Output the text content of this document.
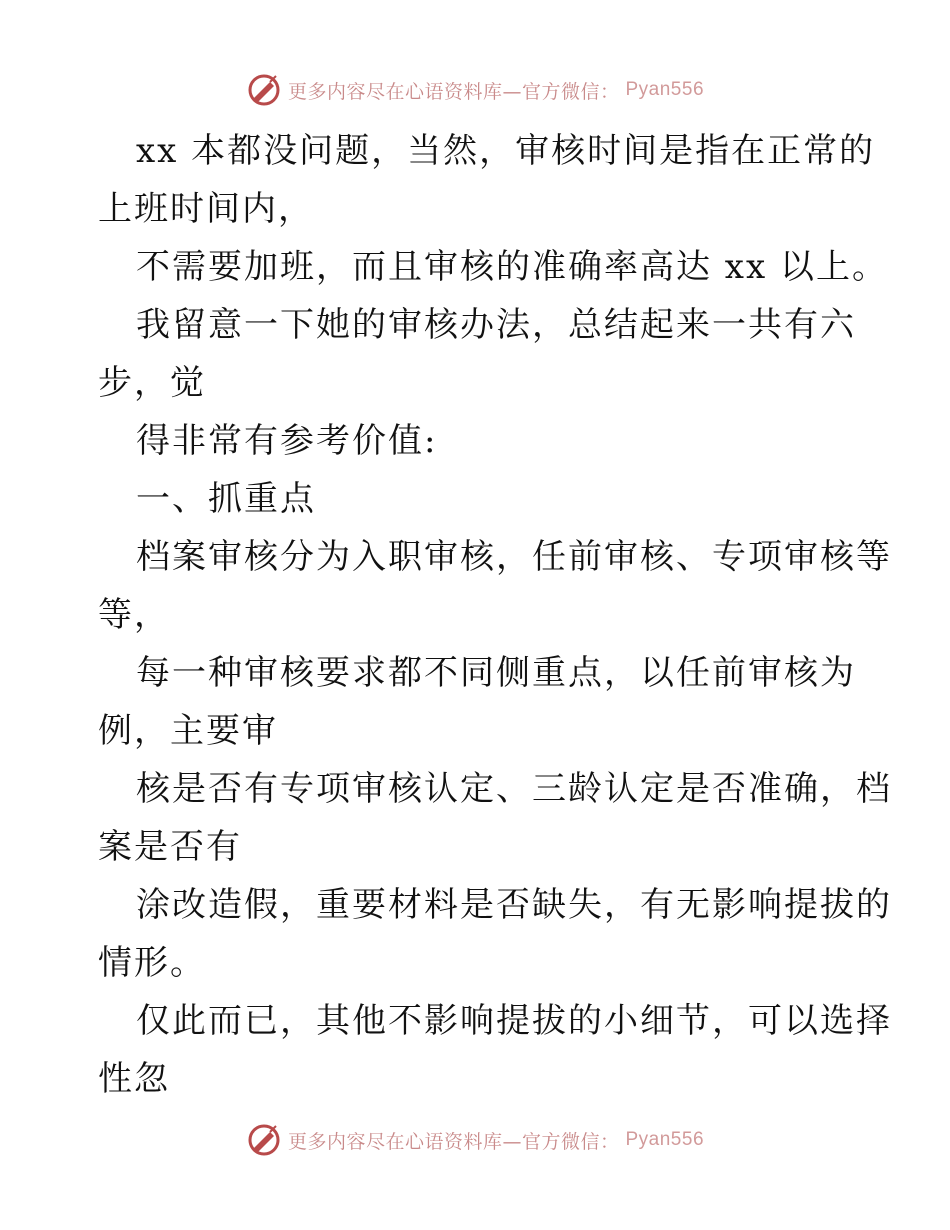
更多内容尽在心语资料库—官方微信： Pyan556
xx 本都没问题，当然，审核时间是指在正常的
上班时间内，
不需要加班，而且审核的准确率高达 xx 以上。
我留意一下她的审核办法，总结起来一共有六
步，觉
得非常有参考价值:
一、抓重点
档案审核分为入职审核，任前审核、专项审核等
等，
每一种审核要求都不同侧重点，以任前审核为
例，主要审
核是否有专项审核认定、三龄认定是否准确，档
案是否有
涂改造假，重要材料是否缺失，有无影响提拔的
情形。
仅此而已，其他不影响提拔的小细节，可以选择
性忽
更多内容尽在心语资料库—官方微信： Pyan556
